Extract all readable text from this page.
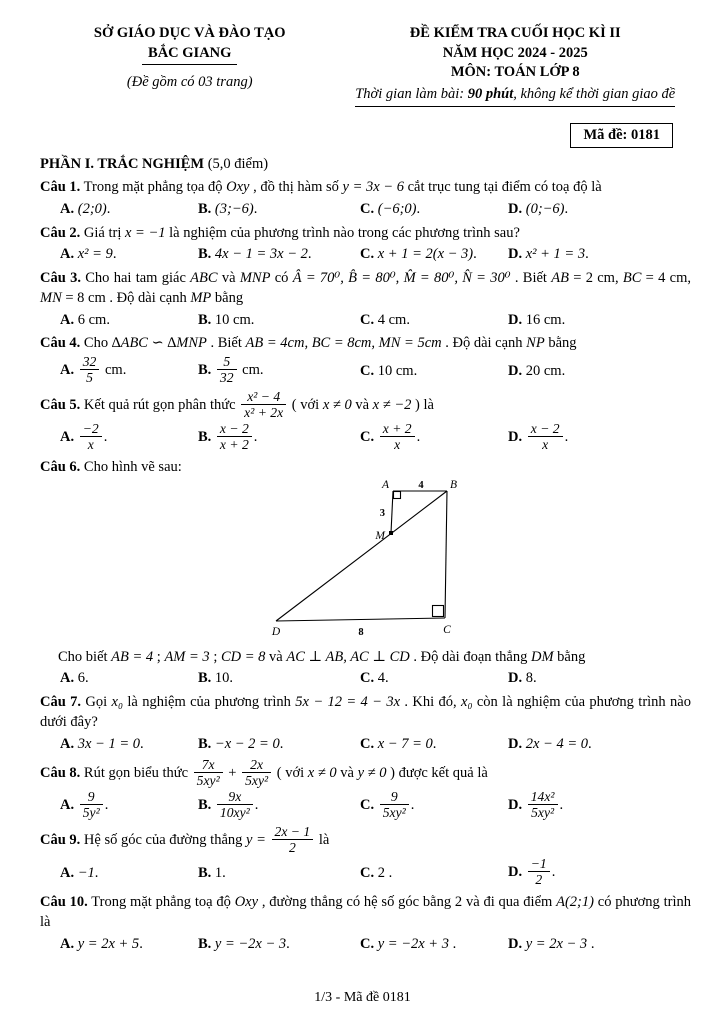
SỞ GIÁO DỤC VÀ ĐÀO TẠO
BẮC GIANG
(Đề gồm có 03 trang)
ĐỀ KIỂM TRA CUỐI HỌC KÌ II
NĂM HỌC 2024 - 2025
MÔN: TOÁN LỚP 8
Thời gian làm bài: 90 phút, không kể thời gian giao đề
Mã đề: 0181
PHẦN I. TRẮC NGHIỆM (5,0 điểm)

Câu 1. Trong mặt phẳng tọa độ Oxy , đồ thị hàm số y = 3x − 6 cắt trục tung tại điểm có toạ độ là

A. (2;0).	B. (3;−6).	C. (−6;0).	D. (0;−6).

Câu 2. Giá trị x = −1 là nghiệm của phương trình nào trong các phương trình sau?

A. x² = 9.	B. 4x − 1 = 3x − 2.	C. x + 1 = 2(x − 3).	D. x² + 1 = 3.

Câu 3. Cho hai tam giác ABC và MNP có Â = 70⁰, B̂ = 80⁰, M̂ = 80⁰, N̂ = 30⁰ . Biết AB = 2 cm, BC = 4 cm, MN = 8 cm . Độ dài cạnh MP bằng

A. 6 cm.	B. 10 cm.	C. 4 cm.	D. 16 cm.

Câu 4. Cho ∆ABC ∽ ∆MNP . Biết AB = 4cm, BC = 8cm, MN = 5cm . Độ dài cạnh NP bằng

A. $\frac{32}{5}$ cm.	B. $\frac{5}{32}$ cm.	C. 10 cm.	D. 20 cm.

Câu 5. Kết quả rút gọn phân thức $\frac{\text{x² − 4}}{\text{x² + 2x}}$ ( với x ≠ 0 và x ≠ −2 ) là

A. $\frac{-2}{x}$ .	B. $\frac{x - 2}{x + 2}$ .	C. $\frac{x + 2}{x}$ .	D. $\frac{x - 2}{x}$ .

Câu 6. Cho hình vẽ sau:

A	4 B
3
M
D	8	C

Cho biết AB = 4 ; AM = 3 ; CD = 8 và AC ⊥ AB, AC ⊥ CD . Độ dài đoạn thẳng DM bằng

A. 6.	B. 10.	C. 4.	D. 8.

Câu 7. Gọi x₀ là nghiệm của phương trình 5x − 12 = 4 − 3x . Khi đó, x₀ còn là nghiệm của phương trình nào dưới đây?

A. 3x − 1 = 0.	B. −x − 2 = 0.	C. x − 7 = 0.	D. 2x − 4 = 0.

Câu 8. Rút gọn biểu thức $\frac{7x}{\text{5xy²}} + \frac{2x}{\text{5xy²}}$ ( với x ≠ 0 và y ≠ 0 ) được kết quả là

A. $\frac{9}{\text{5y²}}$ .	B. $\frac{9x}{\text{10xy²}}$ .	C. $\frac{9}{\text{5xy²}}$ .	D. $\frac{\text{14x²}}{\text{5xy²}}$ .

Câu 9. Hệ số góc của đường thẳng $y = \frac{2x - 1}{2}$ là

A. −1.	B. 1.	C. 2 .	D. $\frac{-1}{2}$ .

Câu 10. Trong mặt phẳng toạ độ Oxy , đường thẳng có hệ số góc bằng 2 và đi qua điểm A(2;1) có phương trình là

A. y = 2x + 5.	B. y = −2x − 3.	C. y = −2x + 3 .	D. y = 2x − 3 .
1/3 - Mã đề 0181
